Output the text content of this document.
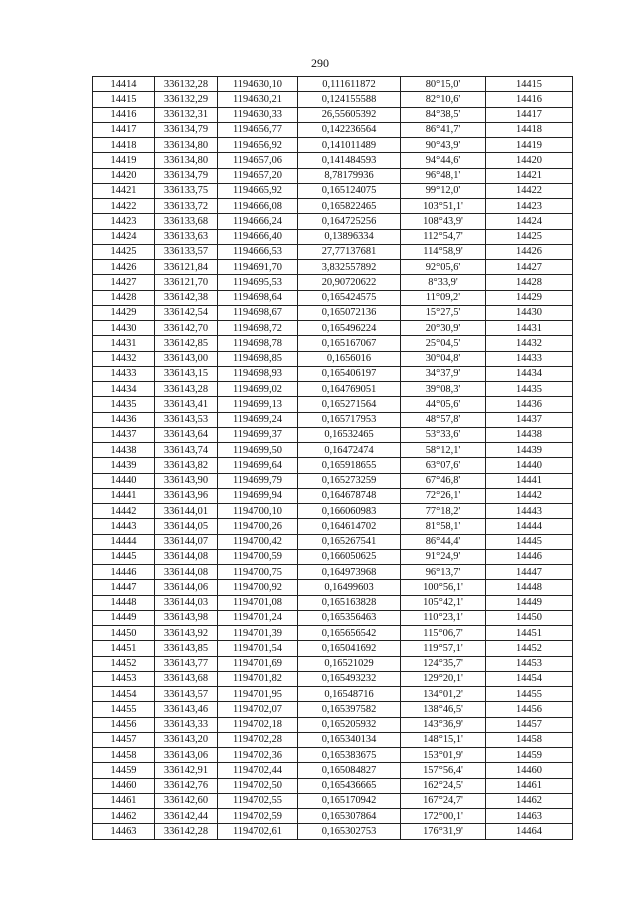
290
14414	336132,28	1194630,10	0,111611872	80°15,0'	14415
14415	336132,29	1194630,21	0,124155588	82°10,6'	14416
14416	336132,31	1194630,33	26,55605392	84°38,5'	14417
14417	336134,79	1194656,77	0,142236564	86°41,7'	14418
14418	336134,80	1194656,92	0,141011489	90°43,9'	14419
14419	336134,80	1194657,06	0,141484593	94°44,6'	14420
14420	336134,79	1194657,20	8,78179936	96°48,1'	14421
14421	336133,75	1194665,92	0,165124075	99°12,0'	14422
14422	336133,72	1194666,08	0,165822465	103°51,1'	14423
14423	336133,68	1194666,24	0,164725256	108°43,9'	14424
14424	336133,63	1194666,40	0,13896334	112°54,7'	14425
14425	336133,57	1194666,53	27,77137681	114°58,9'	14426
14426	336121,84	1194691,70	3,832557892	92°05,6'	14427
14427	336121,70	1194695,53	20,90720622	8°33,9'	14428
14428	336142,38	1194698,64	0,165424575	11°09,2'	14429
14429	336142,54	1194698,67	0,165072136	15°27,5'	14430
14430	336142,70	1194698,72	0,165496224	20°30,9'	14431
14431	336142,85	1194698,78	0,165167067	25°04,5'	14432
14432	336143,00	1194698,85	0,1656016	30°04,8'	14433
14433	336143,15	1194698,93	0,165406197	34°37,9'	14434
14434	336143,28	1194699,02	0,164769051	39°08,3'	14435
14435	336143,41	1194699,13	0,165271564	44°05,6'	14436
14436	336143,53	1194699,24	0,165717953	48°57,8'	14437
14437	336143,64	1194699,37	0,16532465	53°33,6'	14438
14438	336143,74	1194699,50	0,16472474	58°12,1'	14439
14439	336143,82	1194699,64	0,165918655	63°07,6'	14440
14440	336143,90	1194699,79	0,165273259	67°46,8'	14441
14441	336143,96	1194699,94	0,164678748	72°26,1'	14442
14442	336144,01	1194700,10	0,166060983	77°18,2'	14443
14443	336144,05	1194700,26	0,164614702	81°58,1'	14444
14444	336144,07	1194700,42	0,165267541	86°44,4'	14445
14445	336144,08	1194700,59	0,166050625	91°24,9'	14446
14446	336144,08	1194700,75	0,164973968	96°13,7'	14447
14447	336144,06	1194700,92	0,16499603	100°56,1'	14448
14448	336144,03	1194701,08	0,165163828	105°42,1'	14449
14449	336143,98	1194701,24	0,165356463	110°23,1'	14450
14450	336143,92	1194701,39	0,165656542	115°06,7'	14451
14451	336143,85	1194701,54	0,165041692	119°57,1'	14452
14452	336143,77	1194701,69	0,16521029	124°35,7'	14453
14453	336143,68	1194701,82	0,165493232	129°20,1'	14454
14454	336143,57	1194701,95	0,16548716	134°01,2'	14455
14455	336143,46	1194702,07	0,165397582	138°46,5'	14456
14456	336143,33	1194702,18	0,165205932	143°36,9'	14457
14457	336143,20	1194702,28	0,165340134	148°15,1'	14458
14458	336143,06	1194702,36	0,165383675	153°01,9'	14459
14459	336142,91	1194702,44	0,165084827	157°56,4'	14460
14460	336142,76	1194702,50	0,165436665	162°24,5'	14461
14461	336142,60	1194702,55	0,165170942	167°24,7'	14462
14462	336142,44	1194702,59	0,165307864	172°00,1'	14463
14463	336142,28	1194702,61	0,165302753	176°31,9'	14464
